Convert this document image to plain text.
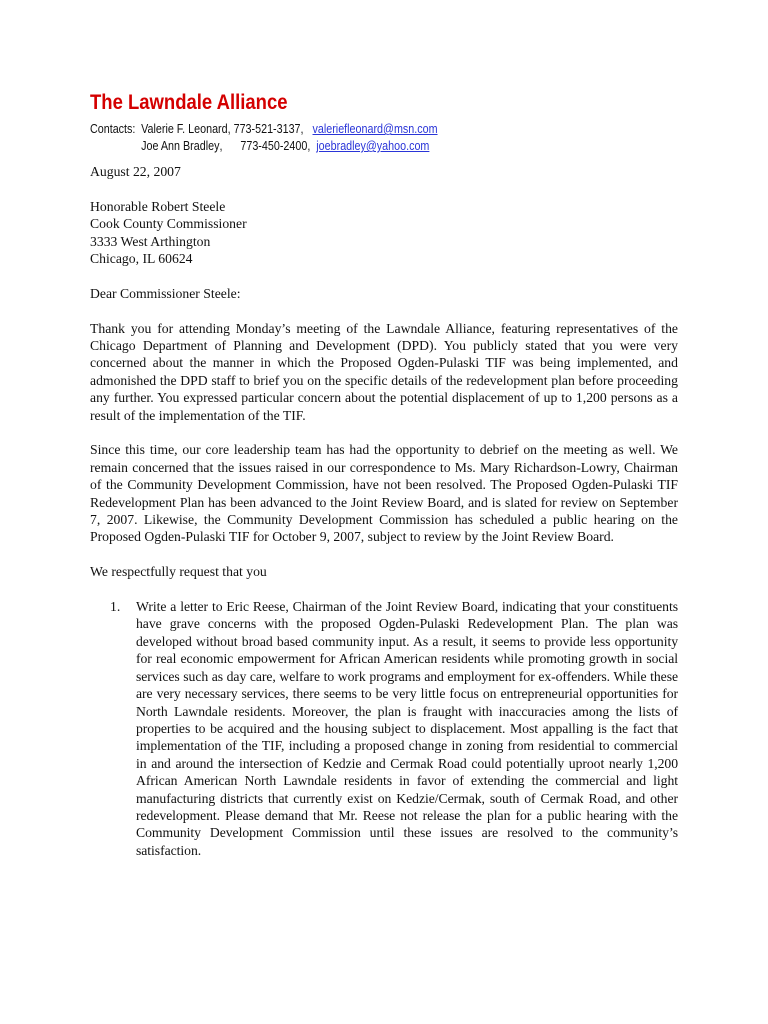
The Lawndale Alliance
Contacts: Valerie F. Leonard, 773-521-3137,   valeriefleonard@msn.com
Joe Ann Bradley,      773-450-2400,  joebradley@yahoo.com

August 22, 2007

Honorable Robert Steele

Cook County Commissioner

3333 West Arthington

Chicago, IL 60624

Dear Commissioner Steele:

Thank you for attending Monday’s meeting of the Lawndale Alliance, featuring representatives of the Chicago Department of Planning and Development (DPD). You publicly stated that you were very concerned about the manner in which the Proposed Ogden-Pulaski TIF was being implemented, and admonished the DPD staff to brief you on the specific details of the redevelopment plan before proceeding any further. You expressed particular concern about the potential displacement of up to 1,200 persons as a result of the implementation of the TIF.

Since this time, our core leadership team has had the opportunity to debrief on the meeting as well. We remain concerned that the issues raised in our correspondence to Ms. Mary Richardson-Lowry, Chairman of the Community Development Commission, have not been resolved. The Proposed Ogden-Pulaski TIF Redevelopment Plan has been advanced to the Joint Review Board, and is slated for review on September 7, 2007. Likewise, the Community Development Commission has scheduled a public hearing on the Proposed Ogden-Pulaski TIF for October 9, 2007, subject to review by the Joint Review Board.

We respectfully request that you

1. Write a letter to Eric Reese, Chairman of the Joint Review Board, indicating that your constituents have grave concerns with the proposed Ogden-Pulaski Redevelopment Plan. The plan was developed without broad based community input. As a result, it seems to provide less opportunity for real economic empowerment for African American residents while promoting growth in social services such as day care, welfare to work programs and employment for ex-offenders. While these are very necessary services, there seems to be very little focus on entrepreneurial opportunities for North Lawndale residents. Moreover, the plan is fraught with inaccuracies among the lists of properties to be acquired and the housing subject to displacement. Most appalling is the fact that implementation of the TIF, including a proposed change in zoning from residential to commercial in and around the intersection of Kedzie and Cermak Road could potentially uproot nearly 1,200 African American North Lawndale residents in favor of extending the commercial and light manufacturing districts that currently exist on Kedzie/Cermak, south of Cermak Road, and other redevelopment. Please demand that Mr. Reese not release the plan for a public hearing with the Community Development Commission until these issues are resolved to the community’s satisfaction.
